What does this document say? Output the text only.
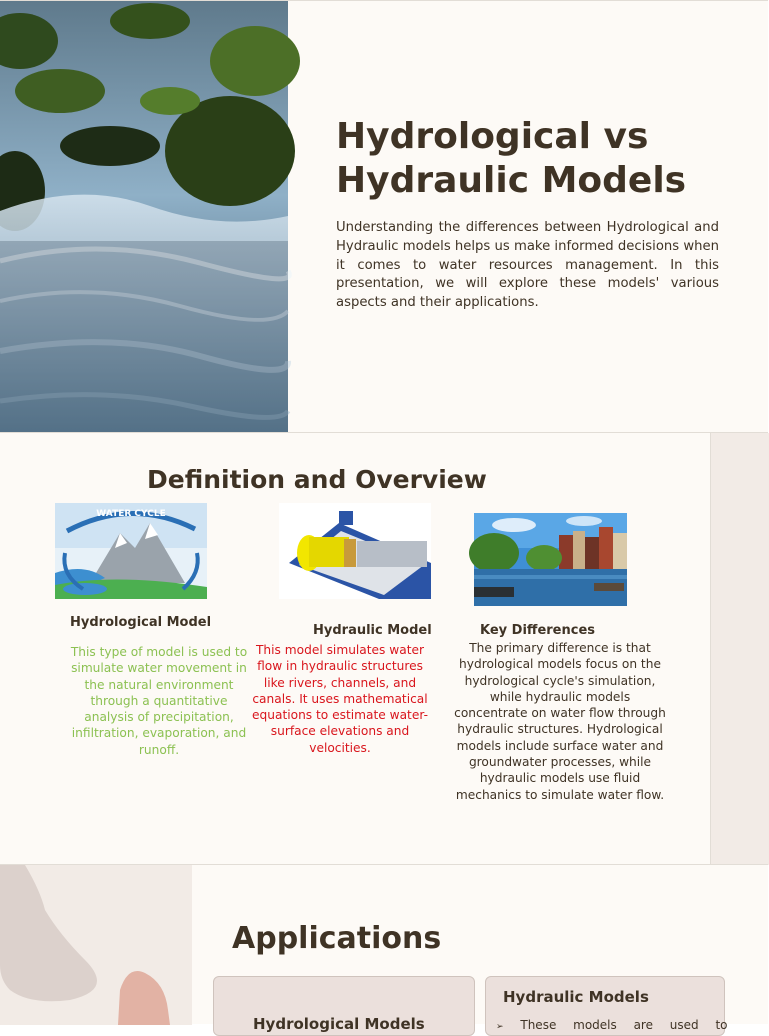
Hydrological vs
Hydraulic Models

Understanding the differences between Hydrological and Hydraulic models helps us make informed decisions when it comes to water resources management. In this presentation, we will explore these models' various aspects and their applications.

Definition and Overview
WATER CYCLE

Hydrological Model

This type of model is used to simulate water movement in the natural environment through a quantitative analysis of precipitation, infiltration, evaporation, and runoff.

Hydraulic Model

This model simulates water flow in hydraulic structures like rivers, channels, and canals. It uses mathematical equations to estimate water-surface elevations and velocities.

Key Differences

The primary difference is that hydrological models focus on the hydrological cycle's simulation, while hydraulic models concentrate on water flow through hydraulic structures. Hydrological models include surface water and groundwater processes, while hydraulic models use fluid mechanics to simulate water flow.

Applications

Hydrological Models

Hydraulic Models

➢ These models are used to
